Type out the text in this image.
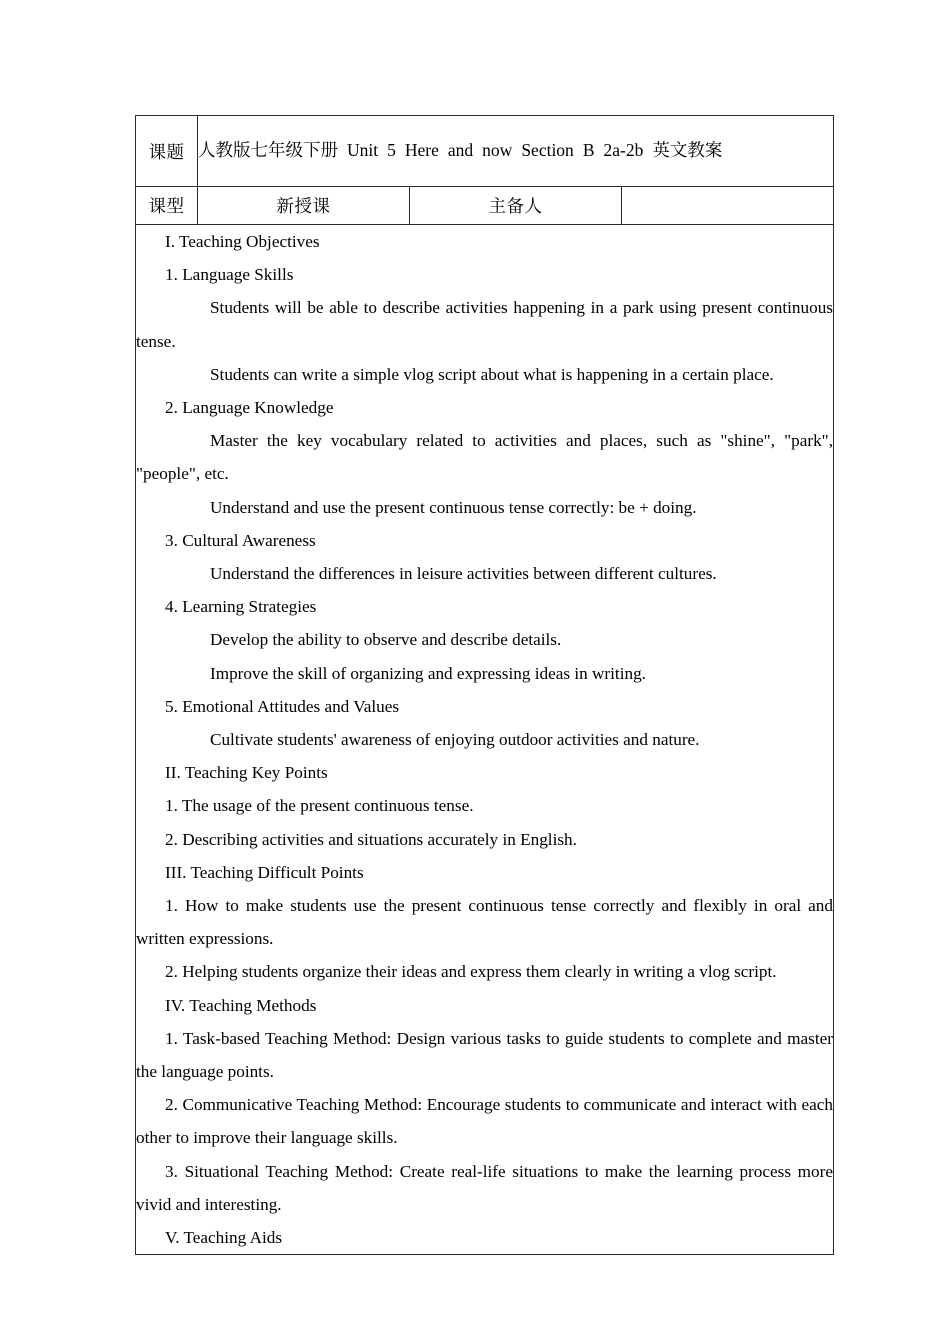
课题	人教版七年级下册 Unit 5 Here and now Section B 2a-2b 英文教案		
课型	新授课	主备人	

I. Teaching Objectives

1. Language Skills

Students will be able to describe activities happening in a park using present continuous tense.

Students can write a simple vlog script about what is happening in a certain place.

2. Language Knowledge

Master the key vocabulary related to activities and places, such as "shine", "park", "people", etc.

Understand and use the present continuous tense correctly: be + doing.

3. Cultural Awareness

Understand the differences in leisure activities between different cultures.

4. Learning Strategies

Develop the ability to observe and describe details.

Improve the skill of organizing and expressing ideas in writing.

5. Emotional Attitudes and Values

Cultivate students' awareness of enjoying outdoor activities and nature.

II. Teaching Key Points

1. The usage of the present continuous tense.

2. Describing activities and situations accurately in English.

III. Teaching Difficult Points

1. How to make students use the present continuous tense correctly and flexibly in oral and written expressions.

2. Helping students organize their ideas and express them clearly in writing a vlog script.

IV. Teaching Methods

1. Task-based Teaching Method: Design various tasks to guide students to complete and master the language points.

2. Communicative Teaching Method: Encourage students to communicate and interact with each other to improve their language skills.

3. Situational Teaching Method: Create real-life situations to make the learning process more vivid and interesting.

V. Teaching Aids
